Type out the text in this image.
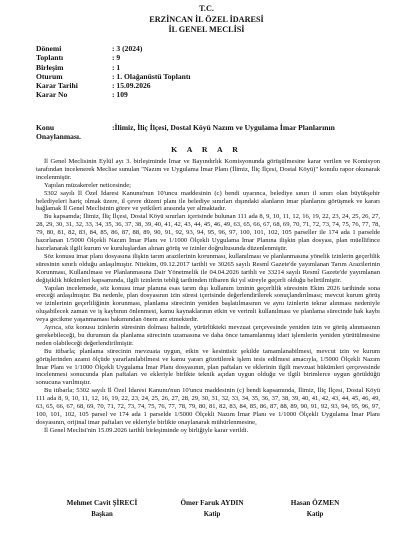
T.C.
ERZİNCAN İL ÖZEL İDARESİ
İL GENEL MECLİSİ
Dönemi	: 3 (2024)
Toplantı	: 9
Birleşim	: 1
Oturum	: 1. Olağanüstü Toplantı
Karar Tarihi	: 15.09.2026
Karar No	: 109
Konu	:İlimiz, İliç İlçesi, Dostal Köyü Nazım ve Uygulama İmar Planlarının Onaylanması.
K A R A R

İl Genel Meclisinin Eylül ayı 3. birleşiminde İmar ve Bayındırlık Komisyonunda görüşülmesine karar verilen ve Komisyon tarafından incelenerek Meclise sunulan "Nazım ve Uygulama İmar Planı (İlimiz, İliç İlçesi, Dostal Köyü)" konulu rapor okunarak incelenmiştir.

Yapılan müzakereler neticesinde;

5302 sayılı İl Özel İdaresi Kanunu'nun 10'uncu maddesinin (c) bendi uyarınca, belediye sınırı il sınırı olan büyükşehir belediyeleri hariç olmak üzere, il çevre düzeni planı ile belediye sınırları dışındaki alanların imar planlarını görüşmek ve kararı bağlamak İl Genel Meclisinin görev ve yetkileri arasında yer almaktadır.

Bu kapsamda; İlimiz, İliç İlçesi, Dostal Köyü sınırları içerisinde bulunan 111 ada 8, 9, 10, 11, 12, 16, 19, 22, 23, 24, 25, 26, 27, 28, 29, 30, 31, 32, 33, 34, 35, 36, 37, 38, 39, 40, 41, 42, 43, 44, 45, 46, 49, 63, 65, 66, 67, 68, 69, 70, 71, 72, 73, 74, 75, 76, 77, 78, 79, 80, 81, 82, 83, 84, 85, 86, 87, 88, 89, 90, 91, 92, 93, 94, 95, 96, 97, 100, 101, 102, 105 parseller ile 174 ada 1 parselde hazırlanan 1/5000 Ölçekli Nazım İmar Planı ve 1/1000 Ölçekli Uygulama İmar Planına ilişkin plan dosyası, plan müellifince hazırlanarak ilgili kurum ve kuruluşlardan alınan görüş ve izinler doğrultusunda düzenlenmiştir.

Söz konusu imar planı dosyasına ilişkin tarım arazilerinin korunması, kullanılması ve planlanmasına yönelik izinlerin geçerlilik süresinin sınırlı olduğu anlaşılmıştır. Nitekim, 09.12.2017 tarihli ve 30265 sayılı Resmî Gazete'de yayımlanan Tarım Arazilerinin Korunması, Kullanılması ve Planlanmasına Dair Yönetmelik ile 04.04.2026 tarihli ve 33214 sayılı Resmî Gazete'de yayımlanan değişiklik hükümleri kapsamında, ilgili izinlerin tebliğ tarihinden itibaren iki yıl süreyle geçerli olduğu belirtilmiştir.

Yapılan incelemede, söz konusu imar planına esas tarım dışı kullanım izninin geçerlilik süresinin Ekim 2026 tarihinde sona ereceği anlaşılmıştır. Bu nedenle, plan dosyasının izin süresi içerisinde değerlendirilerek sonuçlandırılması; mevcut kurum görüş ve izinlerinin geçerliliğinin korunması, planlama sürecinin yeniden başlatılmasının ve aynı izinlerin tekrar alınması nedeniyle oluşabilecek zaman ve iş kaybının önlenmesi, kamu kaynaklarının etkin ve verimli kullanılması ve planlama sürecinde hak kaybı veya gecikme yaşanmaması bakımından önem arz etmektedir.

Ayrıca, söz konusu izinlerin süresinin dolması halinde, yürürlükteki mevzuat çerçevesinde yeniden izin ve görüş alınmasının gerekebileceği, bu durumun da planlama sürecinin uzamasına ve daha önce tamamlanmış idari işlemlerin yeniden yürütülmesine neden olabileceği değerlendirilmiştir.

Bu itibarla; planlama sürecinin mevzuata uygun, etkin ve kesintisiz şekilde tamamlanabilmesi, mevcut izin ve kurum görüşlerinden azami ölçüde yararlanılabilmesi ve kamu yararı gözetilerek işlem tesis edilmesi amacıyla, 1/5000 Ölçekli Nazım İmar Planı ve 1/1000 Ölçekli Uygulama İmar Planı dosyasının, plan paftaları ve eklerinin ilgili mevzuat hükümleri çerçevesinde incelenmesi sonucunda plan paftaları ve ekleriyle birlikte teknik açıdan uygun olduğu ve ilgili birimlerce uygun görüldüğü sonucuna varılmıştır.

Bu itibarla; 5302 sayılı İl Özel İdaresi Kanunu'nun 10'uncu maddesinin (c) bendi kapsamında, İlimiz, İliç İlçesi, Dostal Köyü 111 ada 8, 9, 10, 11, 12, 16, 19, 22, 23, 24, 25, 26, 27, 28, 29, 30, 31, 32, 33, 34, 35, 36, 37, 38, 39, 40, 41, 42, 43, 44, 45, 46, 49, 63, 65, 66, 67, 68, 69, 70, 71, 72, 73, 74, 75, 76, 77, 78, 79, 80, 81, 82, 83, 84, 85, 86, 87, 88, 89, 90, 91, 92, 93, 94, 95, 96, 97, 100, 101, 102, 105 parsel ve 174 ada 1 parselde 1/5000 Ölçekli Nazım İmar Planı ve 1/1000 Ölçekli Uygulama İmar Planı dosyasının, orijinal imar paftaları ve ekleriyle birlikte onaylanarak mühürlenmesine,

İl Genel Meclisi'nin 15.09.2026 tarihli birleşiminde oy birliğiyle karar verildi.

Mehmet Cavit ŞİRECİ
Başkan
Ömer Faruk AYDIN
Katip
Hasan ÖZMEN
Katip
